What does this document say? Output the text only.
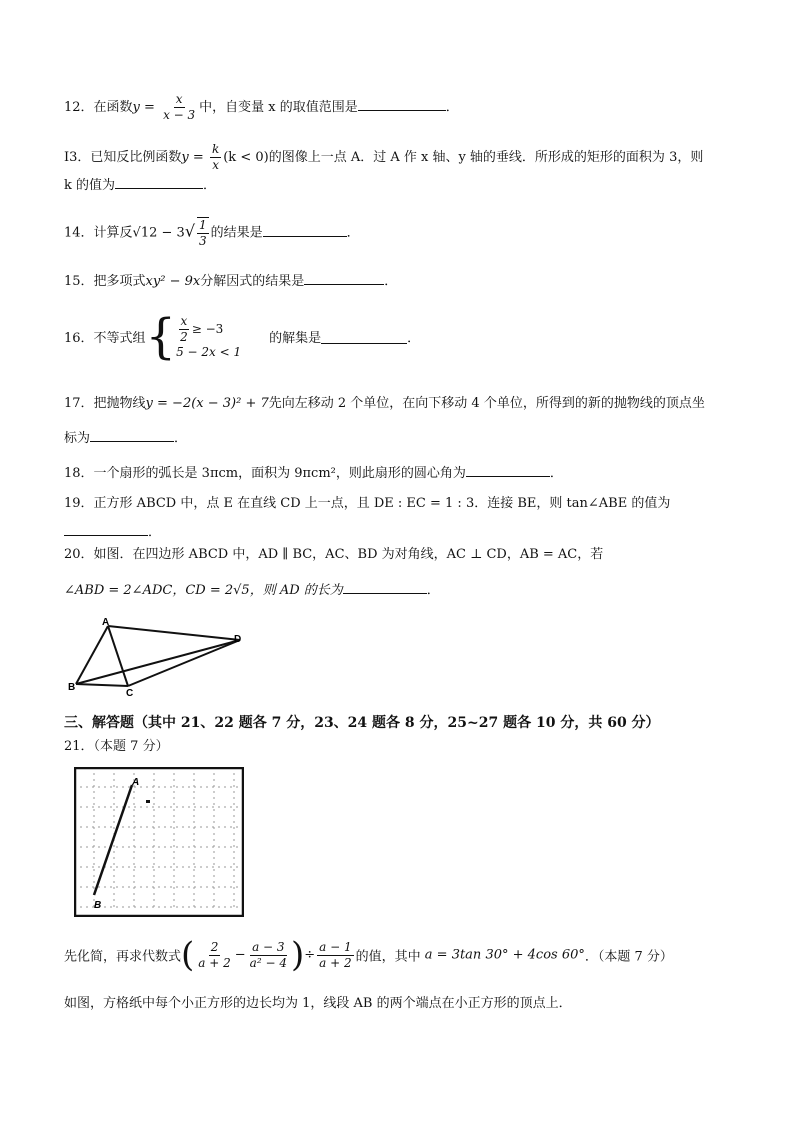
12．在函数$y = \frac{x}{x - 3}$ 中，自变量 x 的取值范围是	．
I3．已知反比例函数$y = \frac{k}{x} (k < 0)$的图像上一点 A．过 A 作 x 轴、y 轴的垂线．所形成的矩形的面积为 3，则
k 的值为	．
14．计算反$√12 - 3√ \frac{1}{3}$ 的结果是	．
15．把多项式xy² − 9x分解因式的结果是	．
16．不等式组{ $\frac{x}{2} \ge -3$
5 − 2x < 1
的解集是	．
17．把抛物线y = −2(x − 3)² + 7先向左移动 2 个单位，在向下移动 4 个单位，所得到的新的抛物线的顶点坐
标为	．
18．一个扇形的弧长是 3πcm，面积为 9πcm²，则此扇形的圆心角为	．
19．正方形 ABCD 中，点 E 在直线 CD 上一点，且 DE : EC = 1 : 3．连接 BE，则 tan∠ABE 的值为
．
20．如图．在四边形 ABCD 中，AD ∥ BC，AC、BD 为对角线，AC ⊥ CD，AB = AC，若
∠ABD = 2∠ADC，CD = 2√5，则 AD 的长为	．
A
B
C
D
三、解答题（其中 21、22 题各 7 分，23、24 题各 8 分，25~27 题各 10 分，共 60 分）
21．（本题 7 分）
A
B
先化简，再求代数式( $\frac{2}{a + 2} - \frac{a - 3}{\text{a² − 4}}$ )÷ $\frac{a - 1}{a + 2}$ 的值，其中 a = 3tan 30° + 4cos 60°．（本题 7 分）
如图，方格纸中每个小正方形的边长均为 1，线段 AB 的两个端点在小正方形的顶点上．
